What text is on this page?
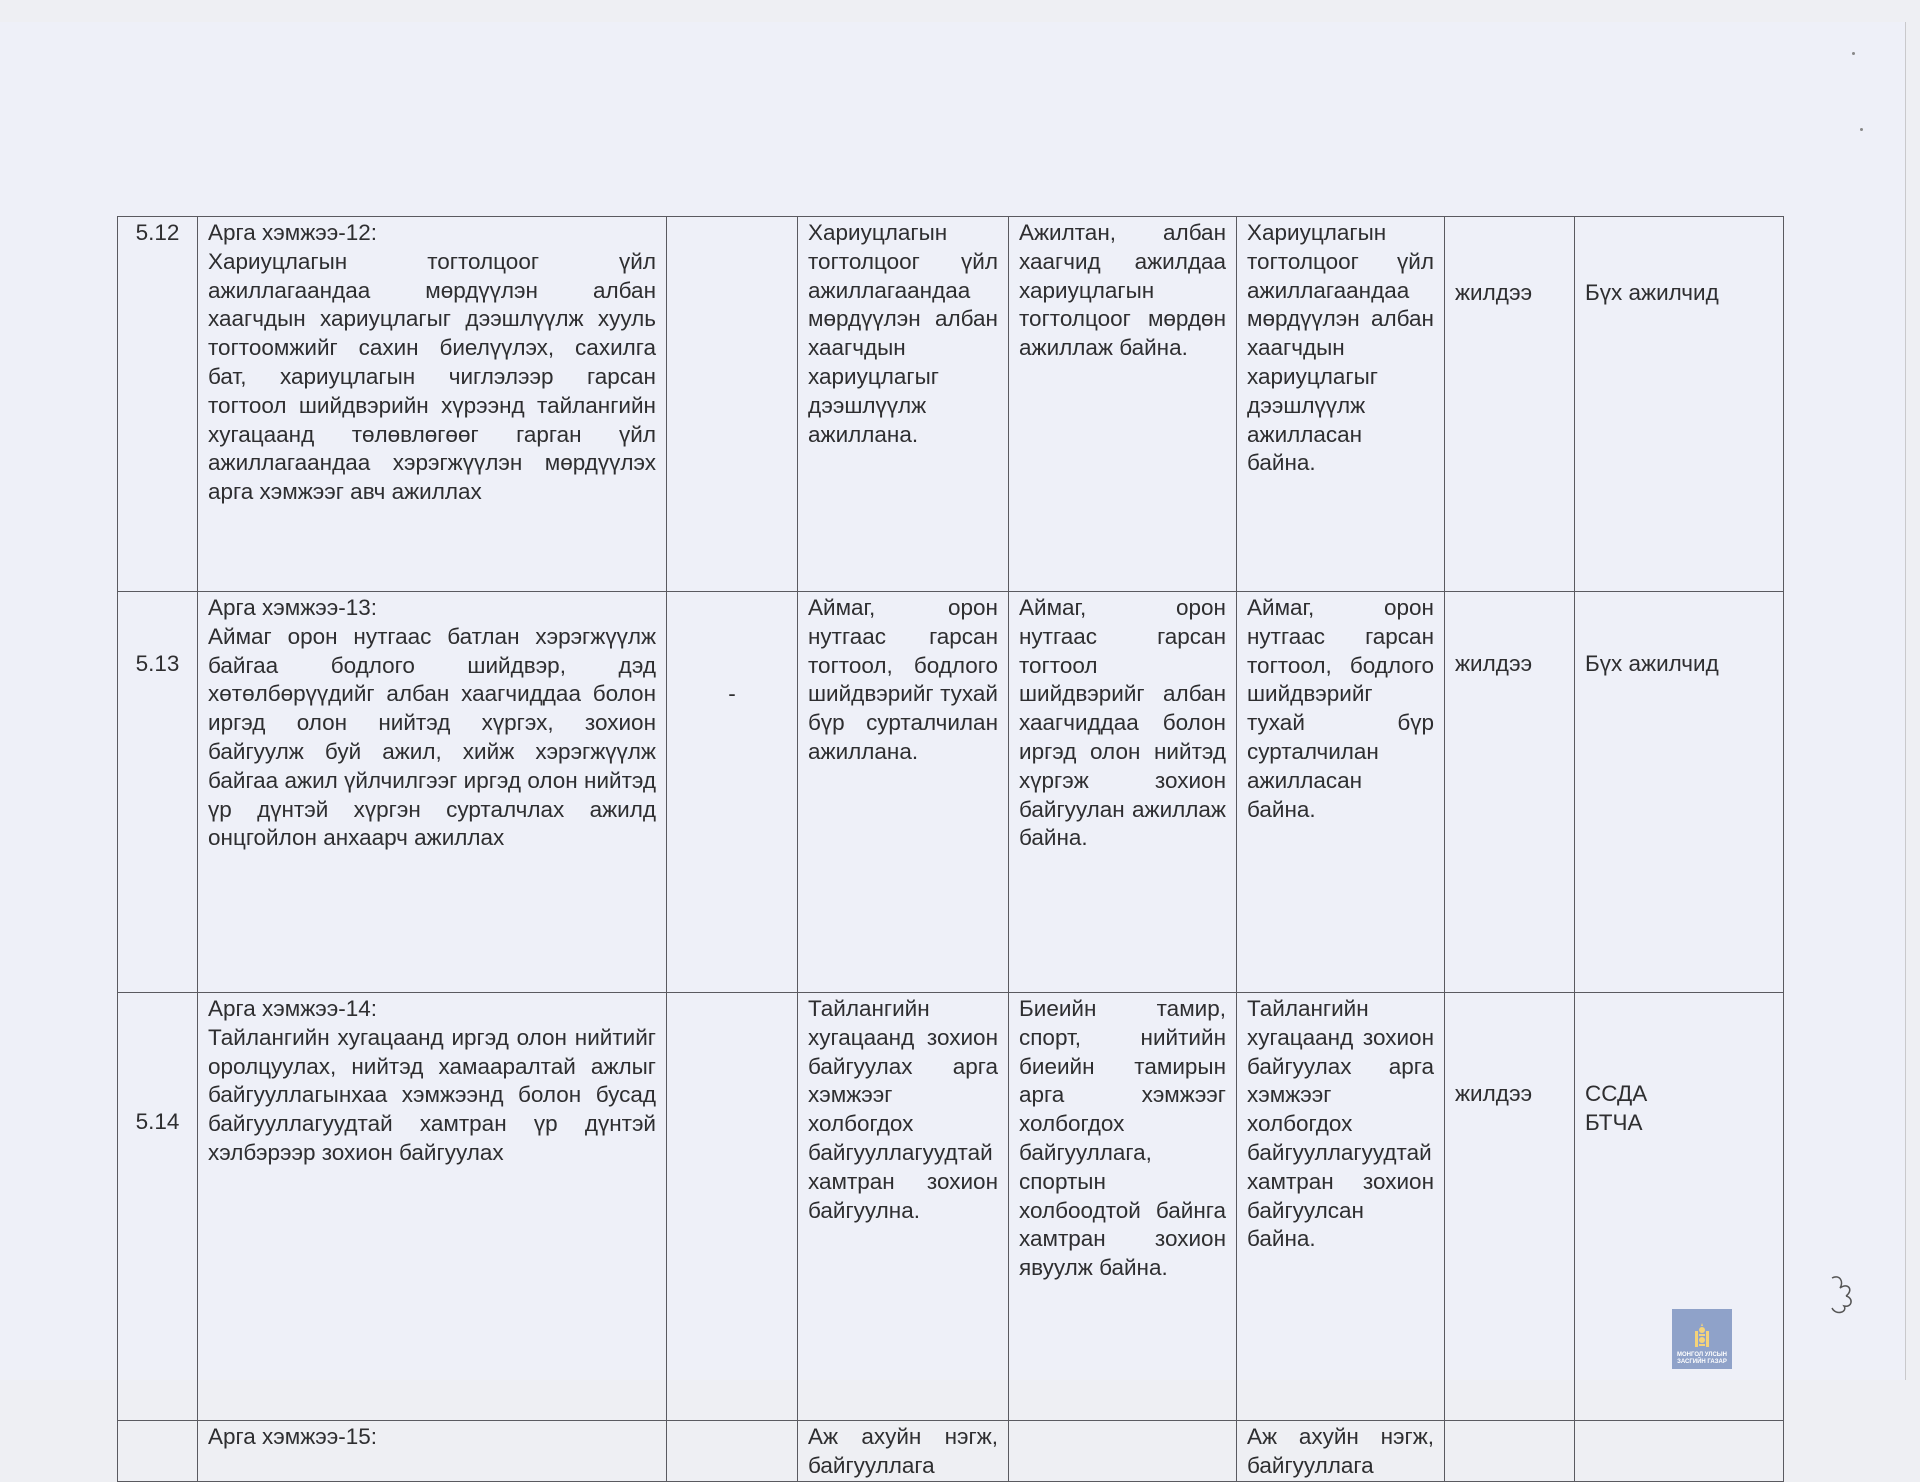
5.12	Арга хэмжээ-12:
Хариуцлагын тогтолцоог үйл ажиллагаандаа мөрдүүлэн албан хаагчдын хариуцлагыг дээшлүүлж хууль тогтоомжийг сахин биелүүлэх, сахилга бат, хариуцлагын чиглэлээр гарсан тогтоол шийдвэрийн хүрээнд тайлангийн хугацаанд төлөвлөгөөг гарган үйл ажиллагаандаа хэрэгжүүлэн мөрдүүлэх арга хэмжээг авч ажиллах		Хариуцлагын тогтолцоог үйл ажиллагаандаа мөрдүүлэн албан хаагчдын хариуцлагыг дээшлүүлж ажиллана.	Ажилтан, албан хаагчид ажилдаа хариуцлагын тогтолцоог мөрдөн ажиллаж байна.	Хариуцлагын тогтолцоог үйл ажиллагаандаа мөрдүүлэн албан хаагчдын хариуцлагыг дээшлүүлж ажилласан байна.	жилдээ	Бүх ажилчид
5.13	Арга хэмжээ-13:
Аймаг орон нутгаас батлан хэрэгжүүлж байгаа бодлого шийдвэр, дэд хөтөлбөрүүдийг албан хаагчиддаа болон иргэд олон нийтэд хүргэх, зохион байгуулж буй ажил, хийж хэрэгжүүлж байгаа ажил үйлчилгээг иргэд олон нийтэд үр дүнтэй хүргэн сурталчлах ажилд онцгойлон анхаарч ажиллах	-	Аймаг, орон нутгаас гарсан тогтоол, бодлого шийдвэрийг тухай бүр сурталчилан ажиллана.	Аймаг, орон нутгаас гарсан тогтоол шийдвэрийг албан хаагчиддаа болон иргэд олон нийтэд хүргэж зохион байгуулан ажиллаж байна.	Аймаг, орон нутгаас гарсан тогтоол, бодлого шийдвэрийг тухай бүр сурталчилан ажилласан байна.	жилдээ	Бүх ажилчид
5.14	Арга хэмжээ-14:
Тайлангийн хугацаанд иргэд олон нийтийг оролцуулах, нийтэд хамааралтай ажлыг байгууллагынхаа хэмжээнд болон бусад байгууллагуудтай хамтран үр дүнтэй хэлбэрээр зохион байгуулах		Тайлангийн хугацаанд зохион байгуулах арга хэмжээг холбогдох байгууллагуудтай хамтран зохион байгуулна.	Биеийн тамир, спорт, нийтийн биеийн тамирын арга хэмжээг холбогдох байгууллага, спортын холбоодтой байнга хамтран зохион явуулж байна.	Тайлангийн хугацаанд зохион байгуулах арга хэмжээг холбогдох байгууллагуудтай хамтран зохион байгуулсан байна.	жилдээ	ССДА БТЧА

	Арга хэмжээ-15:		Аж ахуйн нэгж, байгууллага		Аж ахуйн нэгж, байгууллага		
МОНГОЛ УЛСЫН ЗАСГИЙН ГАЗАР
